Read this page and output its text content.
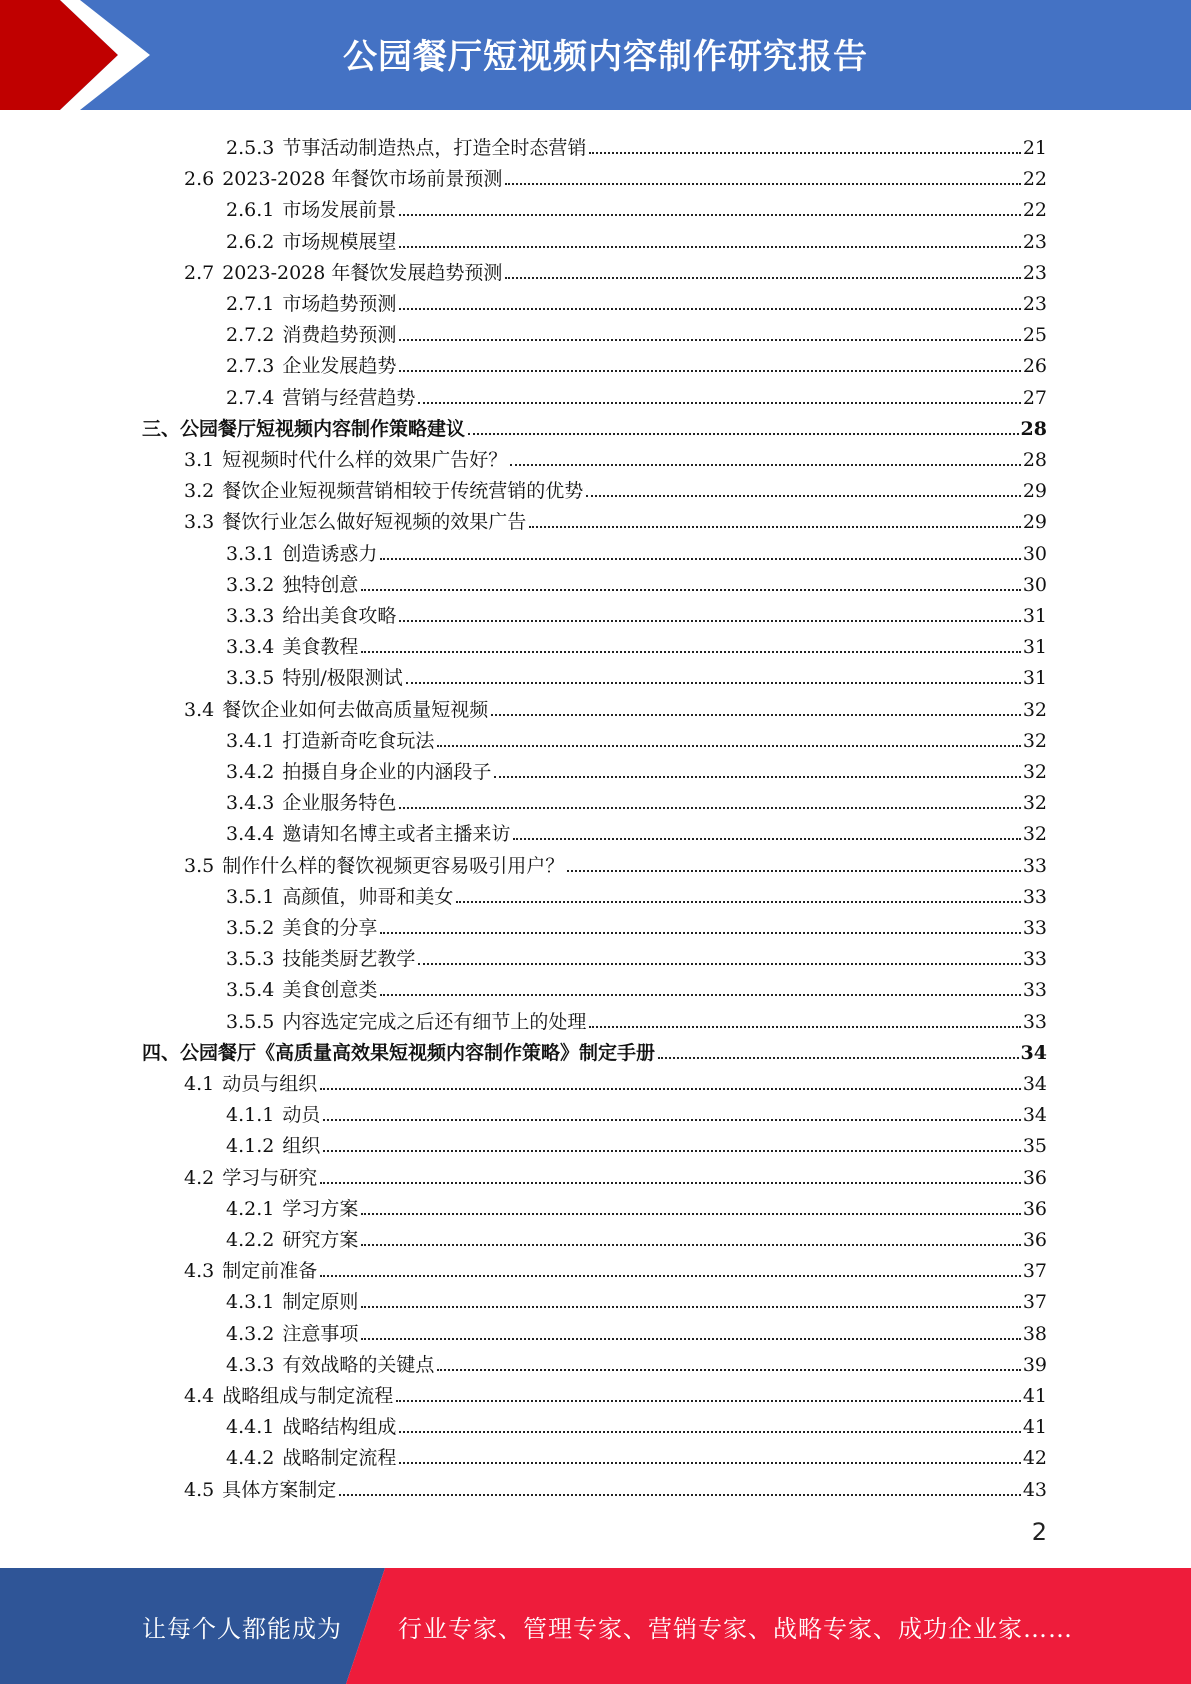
公园餐厅短视频内容制作研究报告
2.5.3 节事活动制造热点，打造全时态营销	21
2.6 2023-2028 年餐饮市场前景预测	22
2.6.1 市场发展前景	22
2.6.2 市场规模展望	23
2.7 2023-2028 年餐饮发展趋势预测	23
2.7.1 市场趋势预测	23
2.7.2 消费趋势预测	25
2.7.3 企业发展趋势	26
2.7.4 营销与经营趋势	27
三、公园餐厅短视频内容制作策略建议	28
3.1 短视频时代什么样的效果广告好？	28
3.2 餐饮企业短视频营销相较于传统营销的优势	29
3.3 餐饮行业怎么做好短视频的效果广告	29
3.3.1 创造诱惑力	30
3.3.2 独特创意	30
3.3.3 给出美食攻略	31
3.3.4 美食教程	31
3.3.5 特别/极限测试	31
3.4 餐饮企业如何去做高质量短视频	32
3.4.1 打造新奇吃食玩法	32
3.4.2 拍摄自身企业的内涵段子	32
3.4.3 企业服务特色	32
3.4.4 邀请知名博主或者主播来访	32
3.5 制作什么样的餐饮视频更容易吸引用户？	33
3.5.1 高颜值，帅哥和美女	33
3.5.2 美食的分享	33
3.5.3 技能类厨艺教学	33
3.5.4 美食创意类	33
3.5.5 内容选定完成之后还有细节上的处理	33
四、公园餐厅《高质量高效果短视频内容制作策略》制定手册	34
4.1 动员与组织	34
4.1.1 动员	34
4.1.2 组织	35
4.2 学习与研究	36
4.2.1 学习方案	36
4.2.2 研究方案	36
4.3 制定前准备	37
4.3.1 制定原则	37
4.3.2 注意事项	38
4.3.3 有效战略的关键点	39
4.4 战略组成与制定流程	41
4.4.1 战略结构组成	41
4.4.2 战略制定流程	42
4.5 具体方案制定	43
2
让每个人都能成为 行业专家、管理专家、营销专家、战略专家、成功企业家……
